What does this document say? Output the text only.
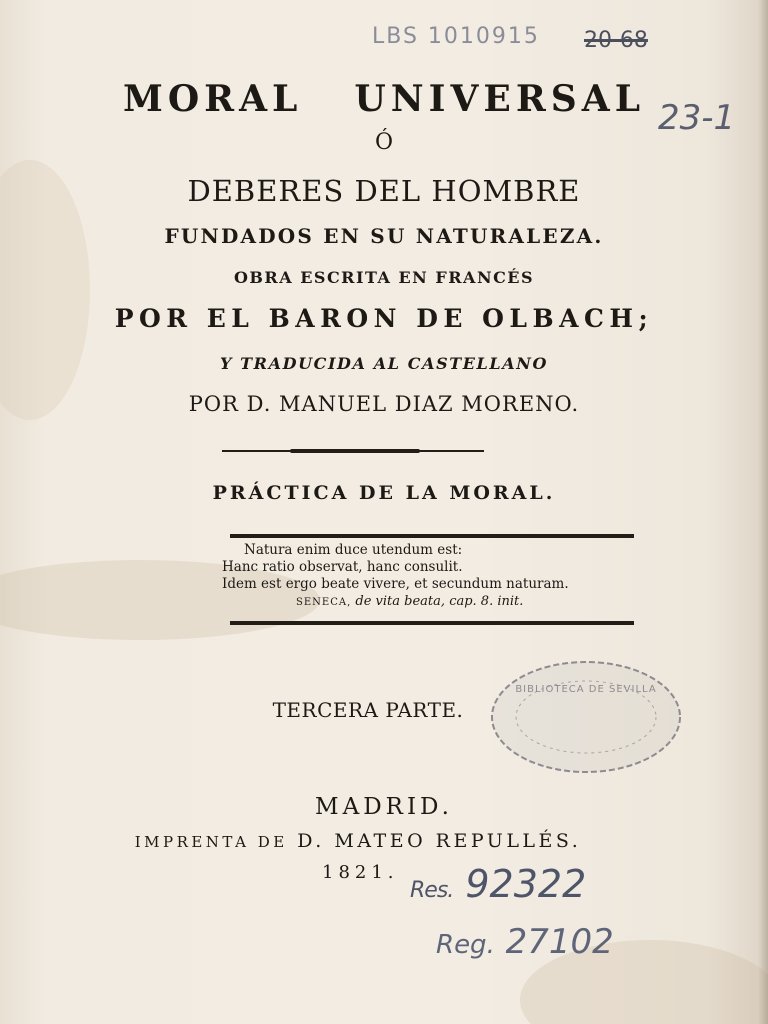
LBS 1010915 20-68
23-1
MORAL UNIVERSAL
Ó
DEBERES DEL HOMBRE
FUNDADOS EN SU NATURALEZA.
OBRA ESCRITA EN FRANCÉS
POR EL BARON DE OLBACH;
Y TRADUCIDA AL CASTELLANO
POR D. MANUEL DIAZ MORENO.
PRÁCTICA DE LA MORAL.
Natura enim duce utendum est:
Hanc ratio observat, hanc consulit.
Idem est ergo beate vivere, et secundum naturam.
SENECA, de vita beata, cap. 8. init.
TERCERA PARTE.
BIBLIOTECA DE SEVILLA
MADRID.
IMPRENTA DE D. MATEO REPULLÉS.
1821.
Res. 92322
Reg. 27102
